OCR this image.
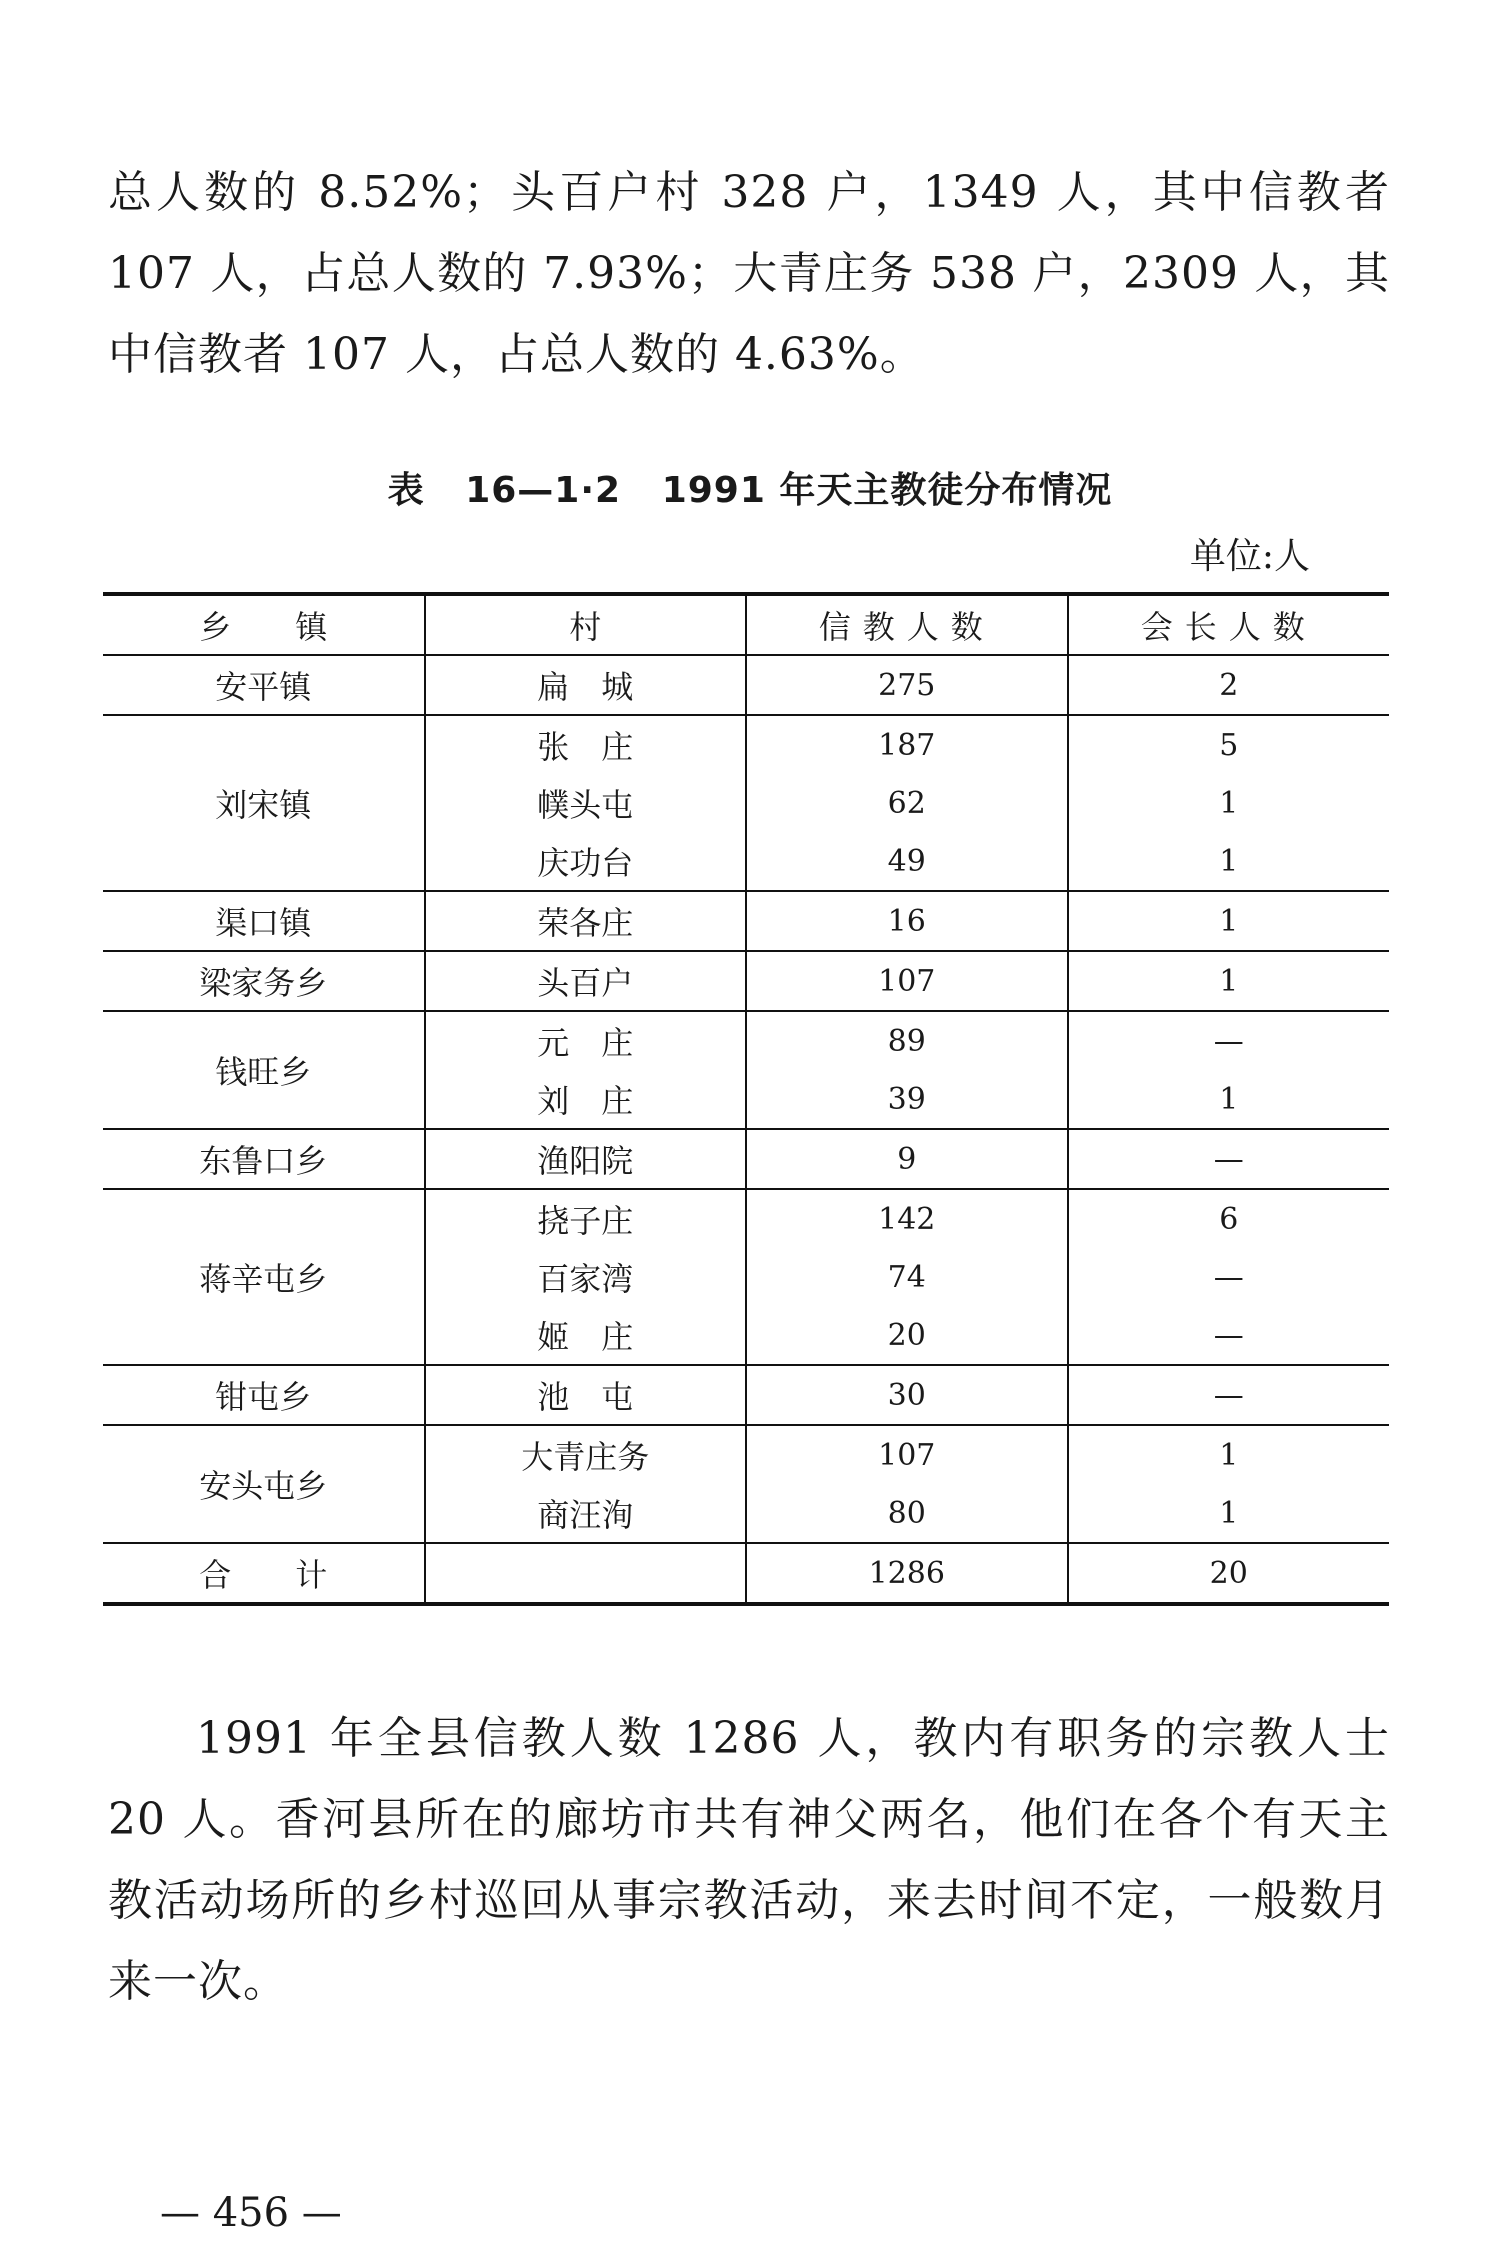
总人数的 8.52%；头百户村 328 户，1349 人，其中信教者 107 人，占总人数的 7.93%；大青庄务 538 户，2309 人，其中信教者 107 人，占总人数的 4.63%。

表 16—1·2 1991 年天主教徒分布情况
单位:人
乡　　镇	村	信教人数	会长人数
安平镇	扁　城	275	2
刘宋镇	张　庄	187	5
	幞头屯	62	1
	庆功台	49	1
渠口镇	荣各庄	16	1
梁家务乡	头百户	107	1
钱旺乡	元　庄	89	—
	刘　庄	39	1
东鲁口乡	渔阳院	9	—
蒋辛屯乡	挠子庄	142	6
	百家湾	74	—
	姬　庄	20	—
钳屯乡	池　屯	30	—
安头屯乡	大青庄务	107	1
	商汪洵	80	1
合　　计		1286	20

1991 年全县信教人数 1286 人，教内有职务的宗教人士 20 人。香河县所在的廊坊市共有神父两名，他们在各个有天主教活动场所的乡村巡回从事宗教活动，来去时间不定，一般数月来一次。

— 456 —
